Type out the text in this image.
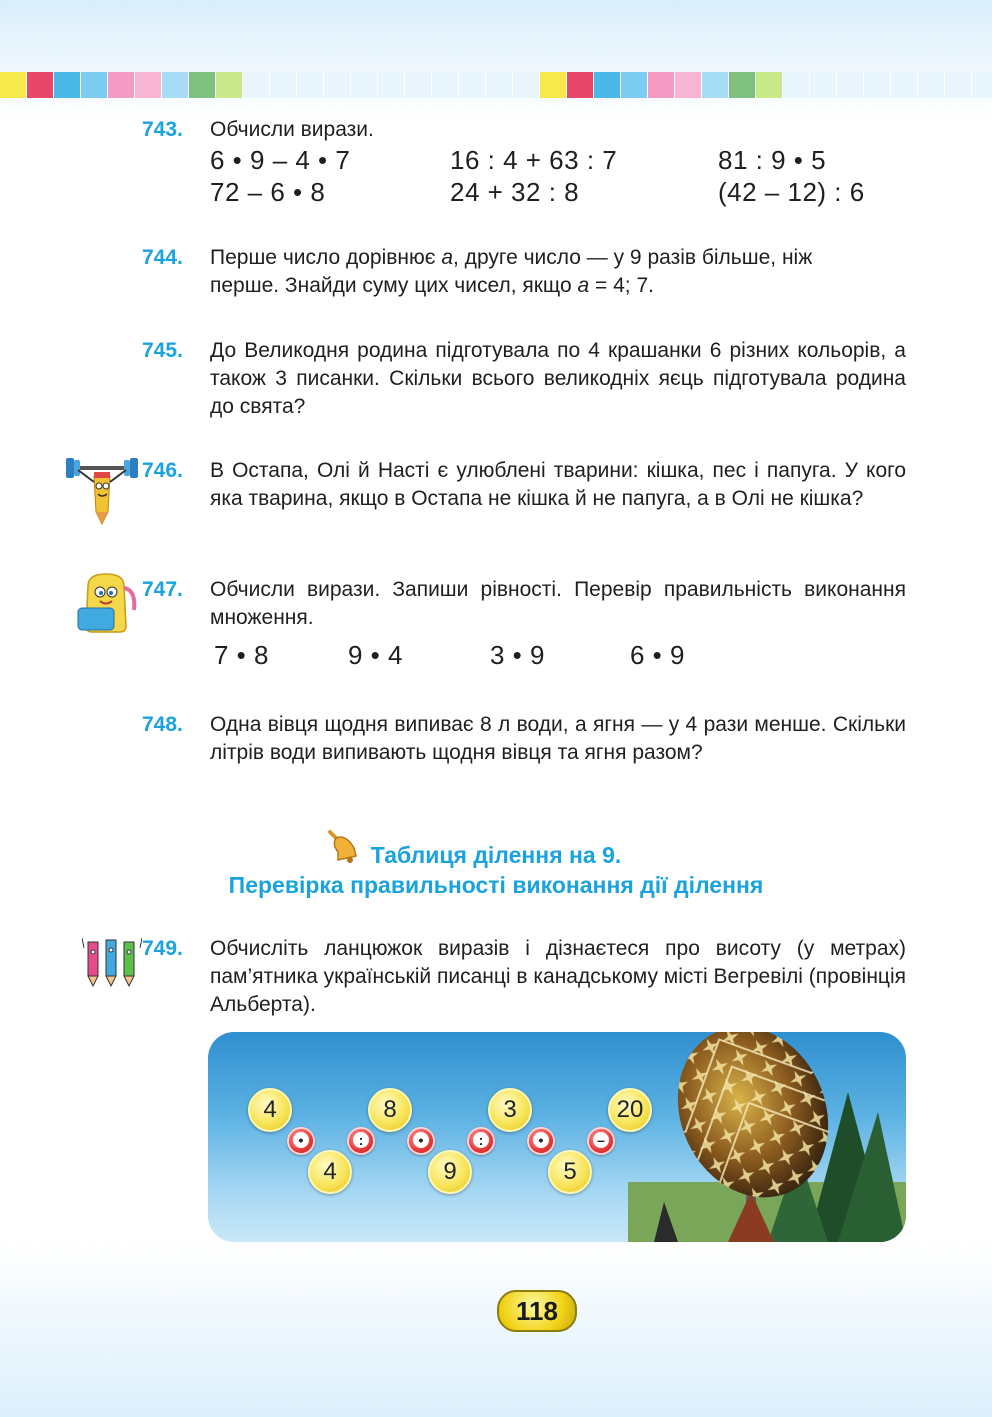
743. Обчисли вирази.
6 • 9 – 4 • 7	16 : 4 + 63 : 7	81 : 9 • 5
72 – 6 • 8	24 + 32 : 8	(42 – 12) : 6
744. Перше число дорівнює а, друге число — у 9 разів більше, ніж
перше. Знайди суму цих чисел, якщо а = 4; 7.
745. До Великодня родина підготувала по 4 крашанки 6 різних кольорів, а також 3 писанки. Скільки всього великодніх яєць підготувала родина до свята?
746. В Остапа, Олі й Насті є улюблені тварини: кішка, пес і папуга. У кого яка тварина, якщо в Остапа не кішка й не папуга, а в Олі не кішка?
747. Обчисли вирази. Запиши рівності. Перевір правильність виконання множення.
7 • 8	9 • 4	3 • 9	6 • 9
748. Одна вівця щодня випиває 8 л води, а ягня — у 4 рази менше. Скільки літрів води випивають щодня вівця та ягня разом?
Таблиця ділення на 9.
Перевірка правильності виконання дії ділення
749. Обчисліть ланцюжок виразів і дізнаєтеся про висоту (у метрах) пам’ятника українській писанці в канадському місті Вегревілі (провінція Альберта).
4
4
8
9
3
5
20
•	:	•	:	•	–
118
